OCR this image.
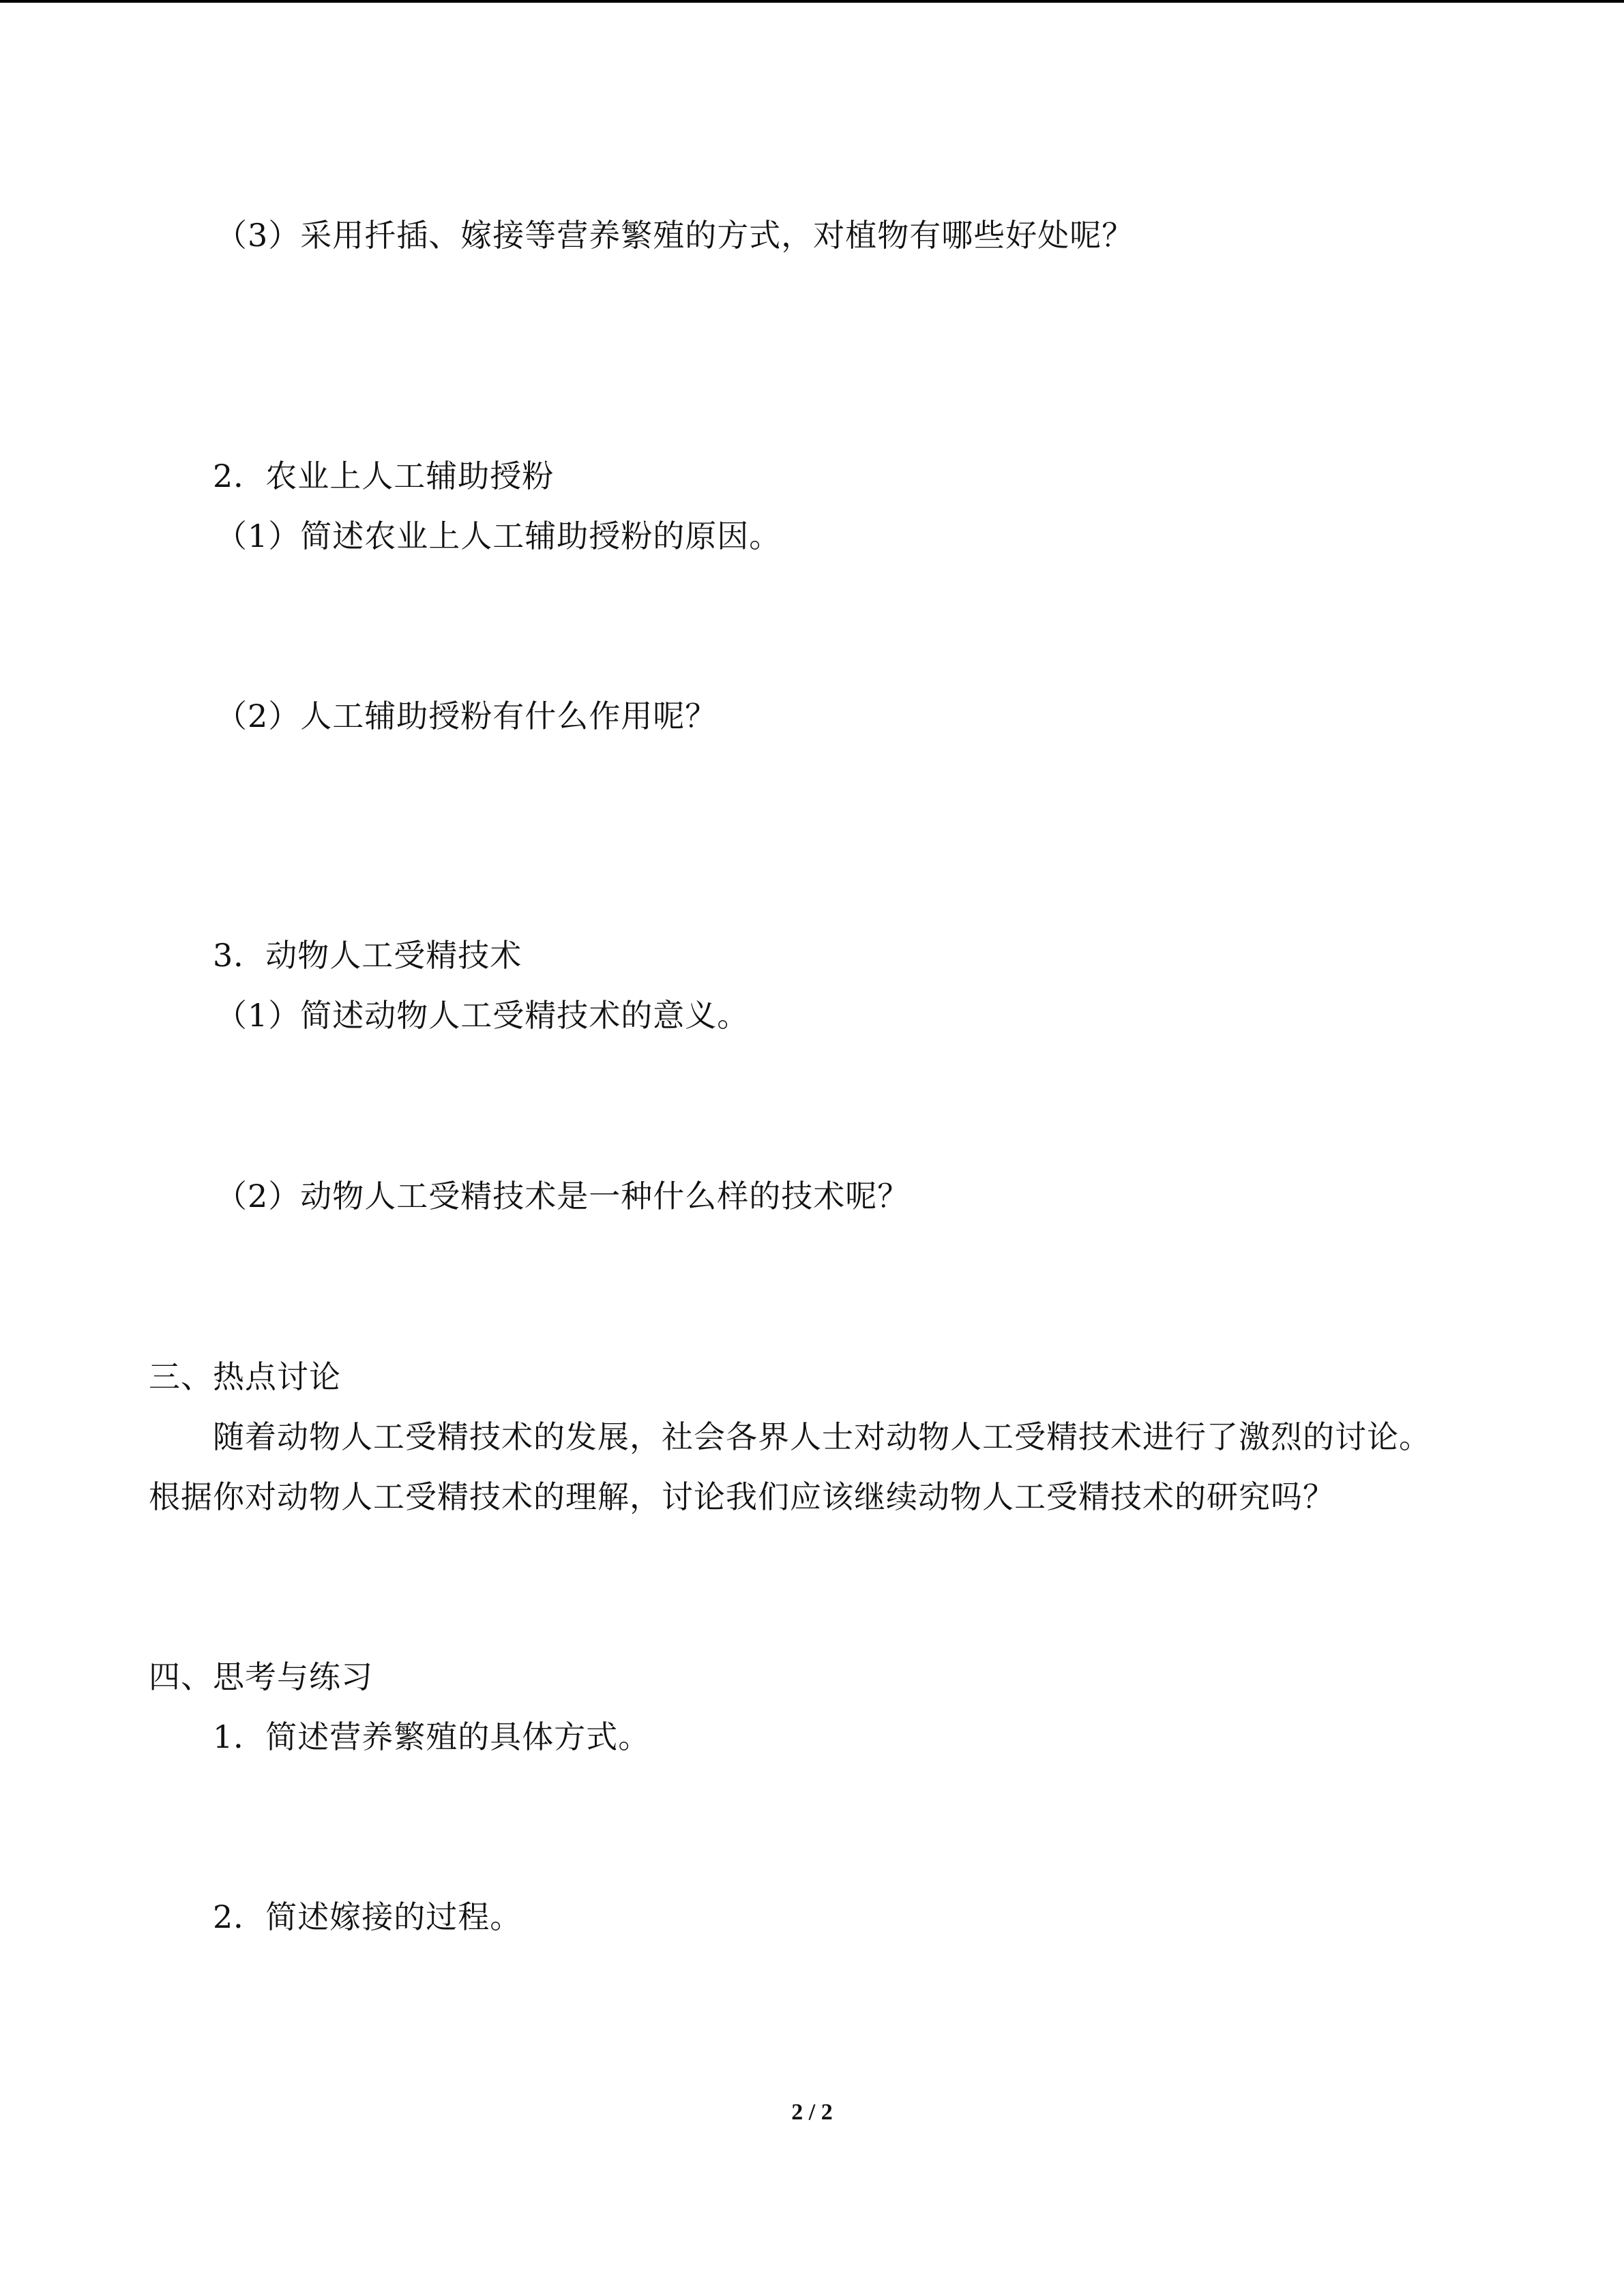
（3）采用扦插、嫁接等营养繁殖的方式，对植物有哪些好处呢？
2．农业上人工辅助授粉
（1）简述农业上人工辅助授粉的原因。
（2）人工辅助授粉有什么作用呢？
3．动物人工受精技术
（1）简述动物人工受精技术的意义。
（2）动物人工受精技术是一种什么样的技术呢？
三、热点讨论
随着动物人工受精技术的发展，社会各界人士对动物人工受精技术进行了激烈的讨论。
根据你对动物人工受精技术的理解，讨论我们应该继续动物人工受精技术的研究吗？
四、思考与练习
1．简述营养繁殖的具体方式。
2．简述嫁接的过程。
2 / 2
